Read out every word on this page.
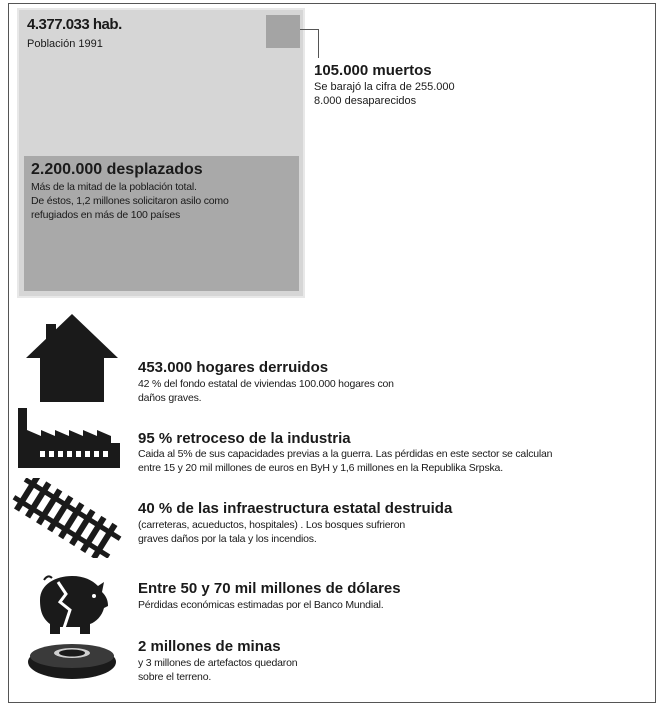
4.377.033 hab.
Población 1991
105.000 muertos
Se barajó la cifra de 255.000
8.000 desaparecidos
2.200.000 desplazados
Más de la mitad de la población total.
De éstos, 1,2 millones solicitaron asilo como
refugiados en más de 100 países
453.000 hogares derruidos
42 % del fondo estatal de viviendas 100.000 hogares con
daños graves.
95 % retroceso de la industria
Caida al 5% de sus capacidades previas a la guerra. Las pérdidas en este sector se calculan
entre 15 y 20 mil millones de euros en ByH y 1,6 millones en la Republika Srpska.
40 % de las infraestructura estatal destruida
(carreteras, acueductos, hospitales) . Los bosques sufrieron
graves daños por la tala y los incendios.
Entre 50 y 70 mil millones de dólares
Pérdidas económicas estimadas por el Banco Mundial.
2 millones de minas
y 3 millones de artefactos quedaron
sobre el terreno.
